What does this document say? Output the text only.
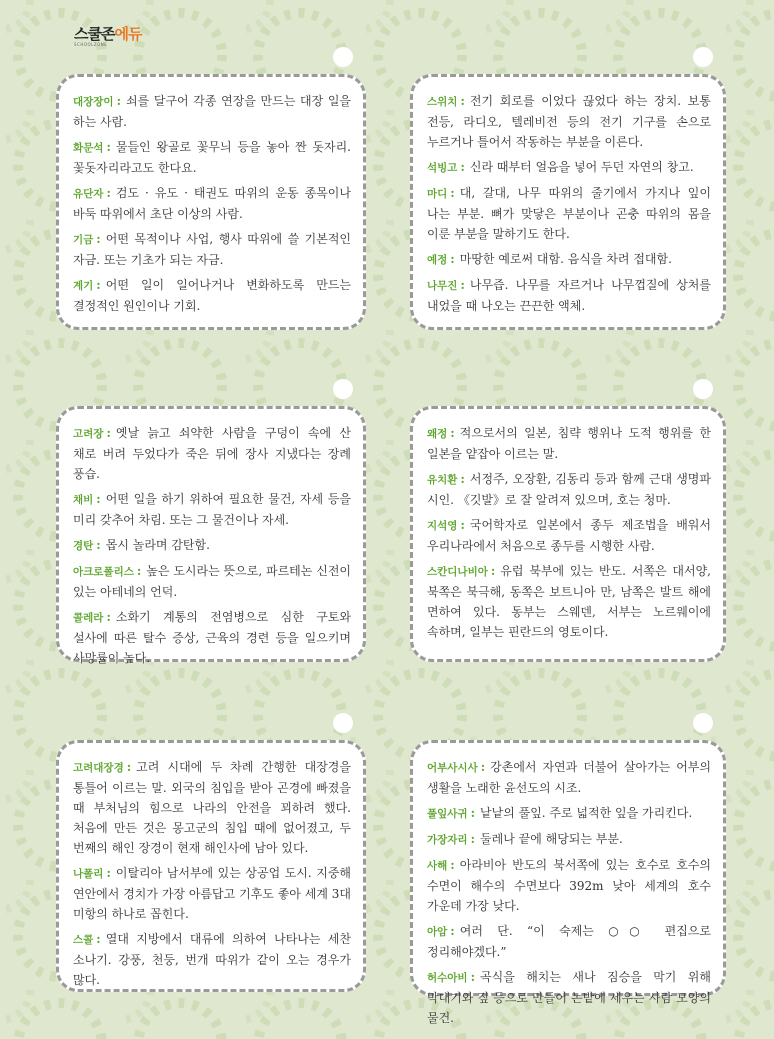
스쿨존에듀
SCHOOLZONE

대장장이 : 쇠를 달구어 각종 연장을 만드는 대장 일을 하는 사람.

화문석 : 물들인 왕골로 꽃무늬 등을 놓아 짠 돗자리. 꽃돗자리라고도 한다요.

유단자 : 검도 · 유도 · 태권도 따위의 운동 종목이나 바둑 따위에서 초단 이상의 사람.

기금 : 어떤 목적이나 사업, 행사 따위에 쓸 기본적인 자금. 또는 기초가 되는 자금.

계기 : 어떤 일이 일어나거나 변화하도록 만드는 결정적인 원인이나 기회.

스위치 : 전기 회로를 이었다 끊었다 하는 장치. 보통 전등, 라디오, 텔레비전 등의 전기 기구를 손으로 누르거나 틀어서 작동하는 부분을 이른다.

석빙고 : 신라 때부터 얼음을 넣어 두던 자연의 창고.

마디 : 대, 갈대, 나무 따위의 줄기에서 가지나 잎이 나는 부분. 뼈가 맞닿은 부분이나 곤충 따위의 몸을 이룬 부분을 말하기도 한다.

예정 : 마땅한 예로써 대함. 음식을 차려 접대함.

나무진 : 나무즙. 나무를 자르거나 나무껍질에 상처를 내었을 때 나오는 끈끈한 액체.

고려장 : 옛날 늙고 쇠약한 사람을 구덩이 속에 산 채로 버려 두었다가 죽은 뒤에 장사 지냈다는 장례 풍습.

채비 : 어떤 일을 하기 위하여 필요한 물건, 자세 등을 미리 갖추어 차림. 또는 그 물건이나 자세.

경탄 : 몹시 놀라며 감탄함.

아크로폴리스 : 높은 도시라는 뜻으로, 파르테논 신전이 있는 아테네의 언덕.

콜레라 : 소화기 계통의 전염병으로 심한 구토와 설사에 따른 탈수 증상, 근육의 경련 등을 일으키며 사망률이 높다.

왜정 : 적으로서의 일본, 침략 행위나 도적 행위를 한 일본을 얕잡아 이르는 말.

유치환 : 서정주, 오장환, 김동리 등과 함께 근대 생명파 시인. 《깃발》로 잘 알려져 있으며, 호는 청마.

지석영 : 국어학자로 일본에서 종두 제조법을 배워서 우리나라에서 처음으로 종두를 시행한 사람.

스칸디나비아 : 유럽 북부에 있는 반도. 서쪽은 대서양, 북쪽은 북극해, 동쪽은 보트니아 만, 남쪽은 발트 해에 면하여 있다. 동부는 스웨덴, 서부는 노르웨이에 속하며, 일부는 핀란드의 영토이다.

고려대장경 : 고려 시대에 두 차례 간행한 대장경을 통틀어 이르는 말. 외국의 침입을 받아 곤경에 빠졌을 때 부처님의 힘으로 나라의 안전을 꾀하려 했다. 처음에 만든 것은 몽고군의 침입 때에 없어졌고, 두 번째의 해인 장경이 현재 해인사에 남아 있다.

나폴리 : 이탈리아 남서부에 있는 상공업 도시. 지중해 연안에서 경치가 가장 아름답고 기후도 좋아 세계 3대 미항의 하나로 꼽힌다.

스콜 : 열대 지방에서 대류에 의하여 나타나는 세찬 소나기. 강풍, 천둥, 번개 따위가 같이 오는 경우가 많다.

어부사시사 : 강촌에서 자연과 더불어 살아가는 어부의 생활을 노래한 윤선도의 시조.

풀잎사귀 : 낱낱의 풀잎. 주로 넓적한 잎을 가리킨다.

가장자리 : 둘레나 끝에 해당되는 부분.

사해 : 아라비아 반도의 북서쪽에 있는 호수로 호수의 수면이 해수의 수면보다 392m 낮아 세계의 호수 가운데 가장 낮다.

아암 : 여러 단. “이 숙제는 ○○ 편집으로 정리해야겠다.”

허수아비 : 곡식을 해치는 새나 짐승을 막기 위해 막대기와 짚 등으로 만들어 논밭에 세우는 사람 모양의 물건.
